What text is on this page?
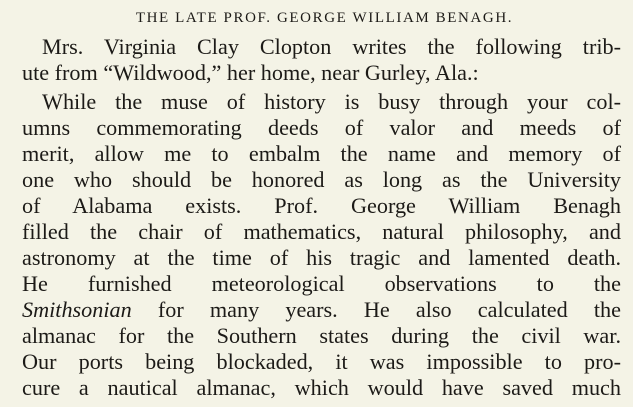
THE LATE PROF. GEORGE WILLIAM BENAGH.
Mrs. Virginia Clay Clopton writes the following trib-
ute from “Wildwood,” her home, near Gurley, Ala.:
While the muse of history is busy through your col-
umns commemorating deeds of valor and meeds of
merit, allow me to embalm the name and memory of
one who should be honored as long as the University
of Alabama exists. Prof. George William Benagh
filled the chair of mathematics, natural philosophy, and
astronomy at the time of his tragic and lamented death.
He furnished meteorological observations to the
Smithsonian for many years. He also calculated the
almanac for the Southern states during the civil war.
Our ports being blockaded, it was impossible to pro-
cure a nautical almanac, which would have saved much
